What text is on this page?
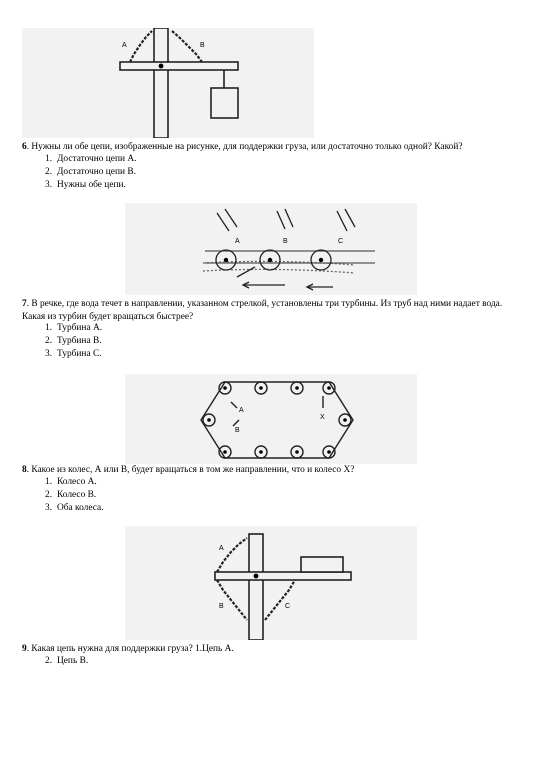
A	B
6. Нужны ли обе цепи, изображенные на рисунке, для поддержки груза, или достаточно только одной? Какой?
1. Достаточно цепи А.
2. Достаточно цепи В.
3. Нужны обе цепи.
A	B	C
7. В речке, где вода течет в направлении, указанном стрелкой, установлены три турбины. Из труб над ними надает вода. Какая из турбин будет вращаться быстрее?
1. Турбина А.
2. Турбина В.
3. Турбина С.
A
B
X
8. Какое из колес, А или В, будет вращаться в том же направлении, что и колесо Х?
1. Колесо А.
2. Колесо В.
3. Оба колеса.
A
B	C
9. Какая цепь нужна для поддержки груза? 1.Цепь А.
2. Цепь В.
